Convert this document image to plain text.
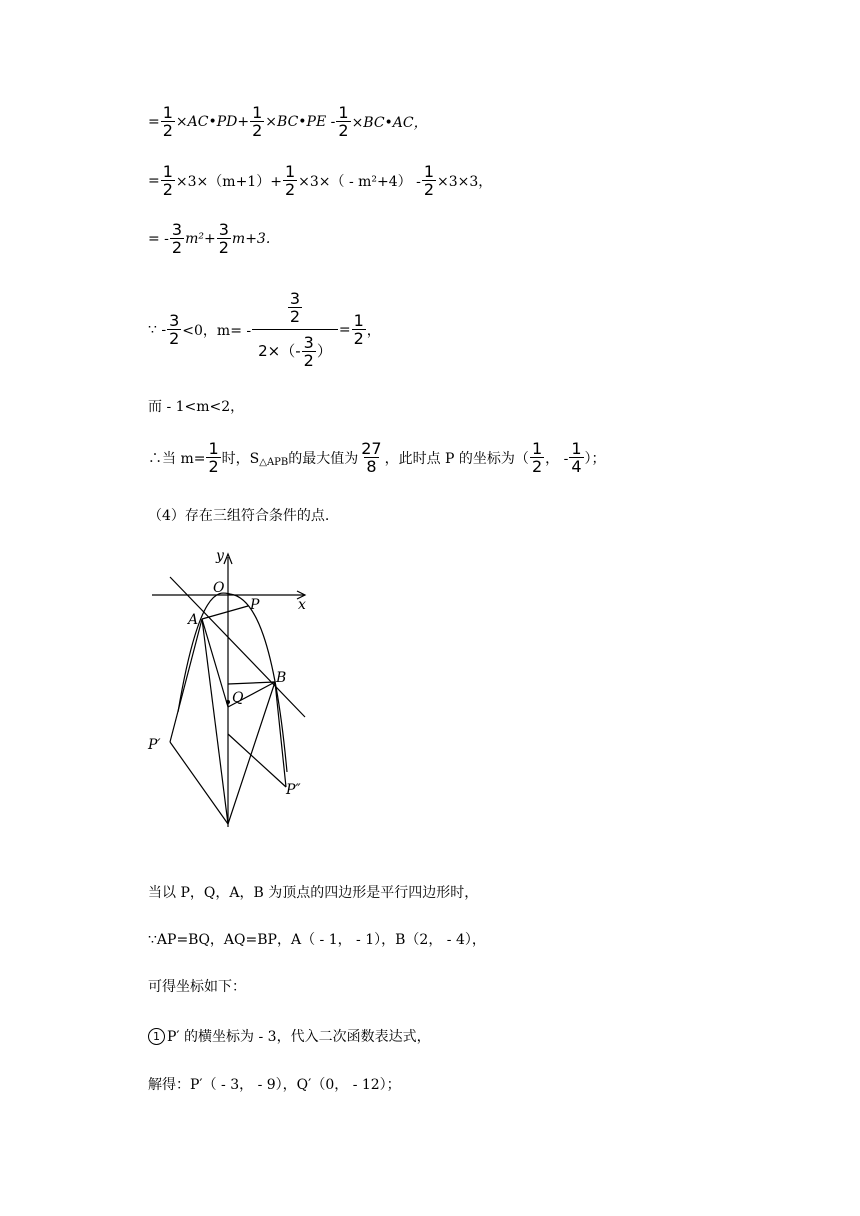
= $\frac{1}{2}$ ×AC•PD+ $\frac{1}{2}$ ×BC•PE - $\frac{1}{2}$ ×BC•AC，
= $\frac{1}{2} \times 3\times(m+1)+ \frac{1}{2} \times 3\times( - m^2+4) - \frac{1}{2} \times 3\times 3$，
= - $\frac{3}{2} m^2+ \frac{3}{2} m+3$.
∵ - $\frac{3}{2} <0$，$m= - \frac{\frac{3}{2}}{2\times(- \frac{3}{2} )} = \frac{1}{2}$ ，
而 - 1<m<2，
∴当 $m= \frac{1}{2}$ 时，$S_{\triangle APB}$ 的最大值为 $\frac{27}{8}$ ，此时点 P 的坐标为（ $\frac{1}{2}$ ， - $\frac{1}{4}$ ）；
（4）存在三组符合条件的点.
y
x
O
P
A
B
Q
P′
P″
当以 P，Q，A，B 为顶点的四边形是平行四边形时，
∵AP=BQ，AQ=BP，A（ - 1， - 1），B（2， - 4），
可得坐标如下：
1 P′ 的横坐标为 - 3，代入二次函数表达式，
解得：P′（ - 3， - 9），Q′（0， - 12）；
